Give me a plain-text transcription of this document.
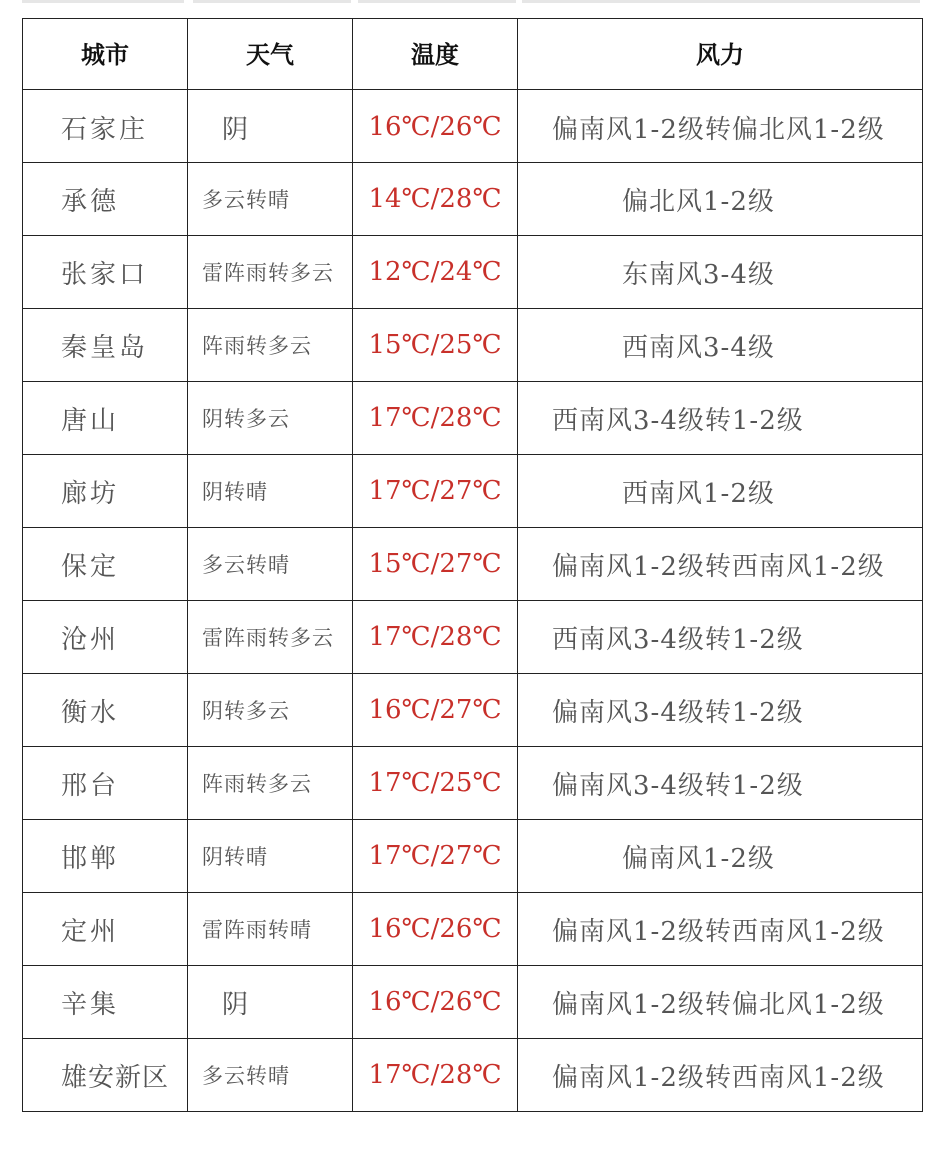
城市	天气	温度	风力
石家庄	阴	16℃/26℃	偏南风1-2级转偏北风1-2级
承德	多云转晴	14℃/28℃	偏北风1-2级
张家口	雷阵雨转多云	12℃/24℃	东南风3-4级
秦皇岛	阵雨转多云	15℃/25℃	西南风3-4级
唐山	阴转多云	17℃/28℃	西南风3-4级转1-2级
廊坊	阴转晴	17℃/27℃	西南风1-2级
保定	多云转晴	15℃/27℃	偏南风1-2级转西南风1-2级
沧州	雷阵雨转多云	17℃/28℃	西南风3-4级转1-2级
衡水	阴转多云	16℃/27℃	偏南风3-4级转1-2级
邢台	阵雨转多云	17℃/25℃	偏南风3-4级转1-2级
邯郸	阴转晴	17℃/27℃	偏南风1-2级
定州	雷阵雨转晴	16℃/26℃	偏南风1-2级转西南风1-2级
辛集	阴	16℃/26℃	偏南风1-2级转偏北风1-2级
雄安新区	多云转晴	17℃/28℃	偏南风1-2级转西南风1-2级
